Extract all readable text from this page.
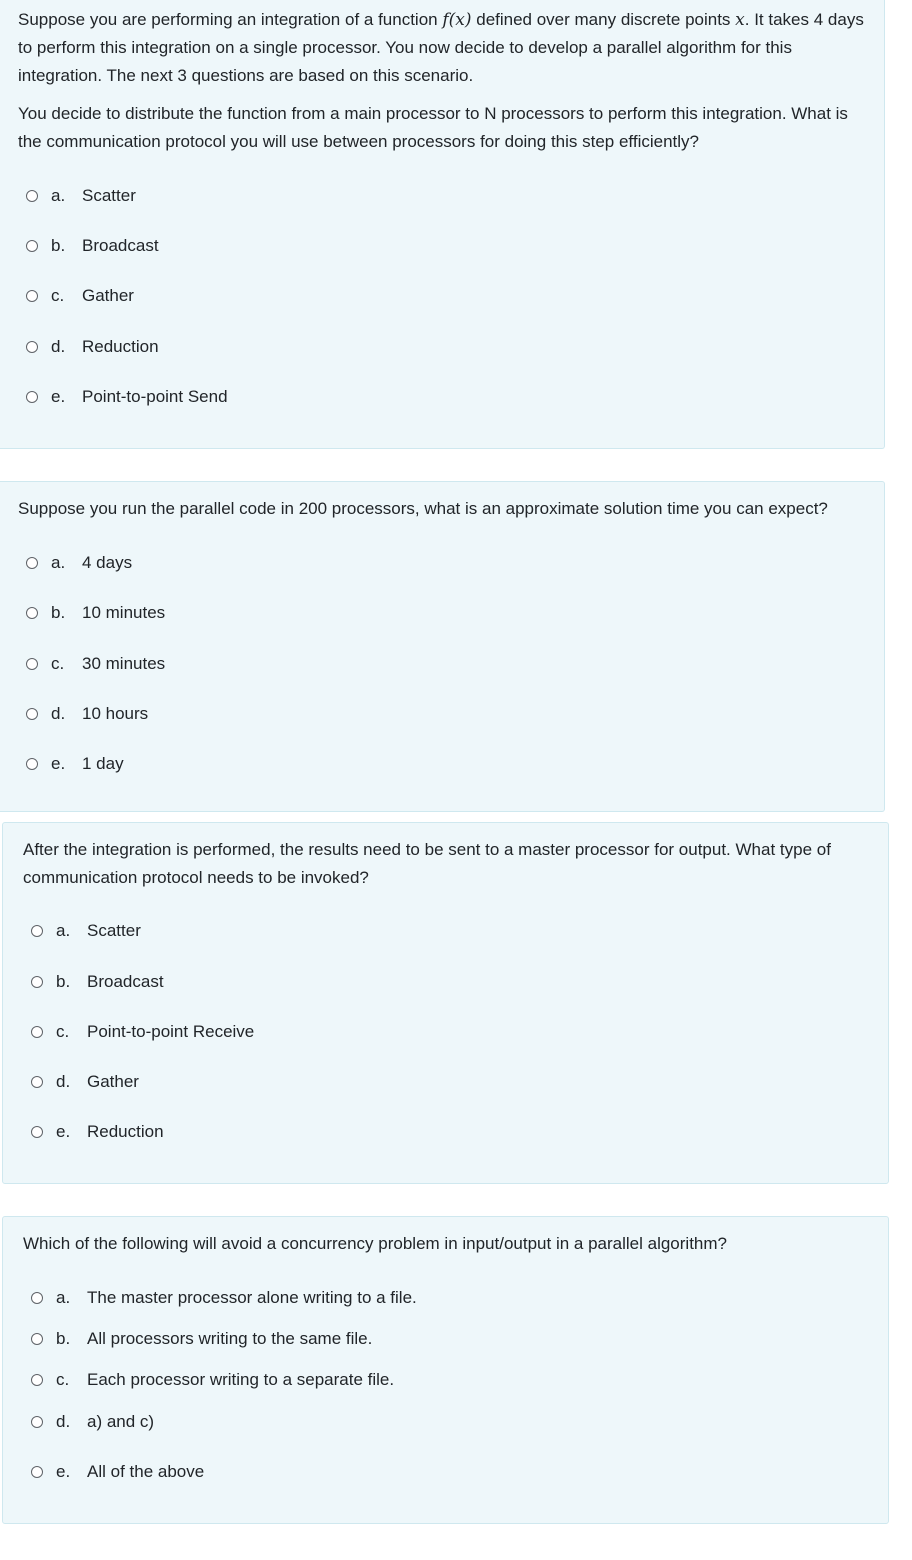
Suppose you are performing an integration of a function f(x) defined over many discrete points x. It takes 4 days to perform this integration on a single processor. You now decide to develop a parallel algorithm for this integration. The next 3 questions are based on this scenario.

You decide to distribute the function from a main processor to N processors to perform this integration. What is the communication protocol you will use between processors for doing this step efficiently?

a. Scatter
b. Broadcast
c.	Gather
d. Reduction
e. Point-to-point Send

Suppose you run the parallel code in 200 processors, what is an approximate solution time you can expect?

a. 4 days
b. 10 minutes
c.	30 minutes
d. 10 hours
e. 1 day

After the integration is performed, the results need to be sent to a master processor for output. What type of communication protocol needs to be invoked?

a. Scatter
b. Broadcast
c.	Point-to-point Receive
d. Gather
e. Reduction

Which of the following will avoid a concurrency problem in input/output in a parallel algorithm?

a. The master processor alone writing to a file.
b. All processors writing to the same file.
c.	Each processor writing to a separate file.
d. a) and c)
e. All of the above
